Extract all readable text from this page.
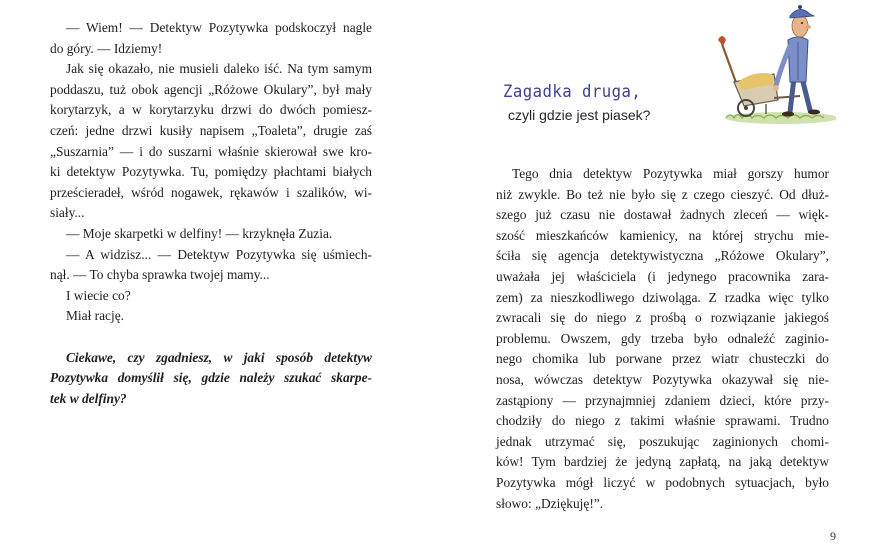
— Wiem! — Detektyw Pozytywka podskoczył nagle
do góry. — Idziemy!
Jak się okazało, nie musieli daleko iść. Na tym samym
poddaszu, tuż obok agencji „Różowe Okulary”, był mały
korytarzyk, a w korytarzyku drzwi do dwóch pomiesz-
czeń: jedne drzwi kusiły napisem „Toaleta”, drugie zaś
„Suszarnia” — i do suszarni właśnie skierował swe kro-
ki detektyw Pozytywka. Tu, pomiędzy płachtami białych
prześcieradeł, wśród nogawek, rękawów i szalików, wi-
siały...
— Moje skarpetki w delfiny! — krzyknęła Zuzia.
— A widzisz... — Detektyw Pozytywka się uśmiech-
nął. — To chyba sprawka twojej mamy...
I wiecie co?
Miał rację.
Ciekawe, czy zgadniesz, w jaki sposób detektyw
Pozytywka domyślił się, gdzie należy szukać skarpe-
tek w delfiny?
Zagadka druga,
czyli gdzie jest piasek?
Tego dnia detektyw Pozytywka miał gorszy humor
niż zwykle. Bo też nie było się z czego cieszyć. Od dłuż-
szego już czasu nie dostawał żadnych zleceń — więk-
szość mieszkańców kamienicy, na której strychu mie-
ściła się agencja detektywistyczna „Różowe Okulary”,
uważała jej właściciela (i jedynego pracownika zara-
zem) za nieszkodliwego dziwoląga. Z rzadka więc tylko
zwracali się do niego z prośbą o rozwiązanie jakiegoś
problemu. Owszem, gdy trzeba było odnaleźć zaginio-
nego chomika lub porwane przez wiatr chusteczki do
nosa, wówczas detektyw Pozytywka okazywał się nie-
zastąpiony — przynajmniej zdaniem dzieci, które przy-
chodziły do niego z takimi właśnie sprawami. Trudno
jednak utrzymać się, poszukując zaginionych chomi-
ków! Tym bardziej że jedyną zapłatą, na jaką detektyw
Pozytywka mógł liczyć w podobnych sytuacjach, było
słowo: „Dziękuję!”.
9
